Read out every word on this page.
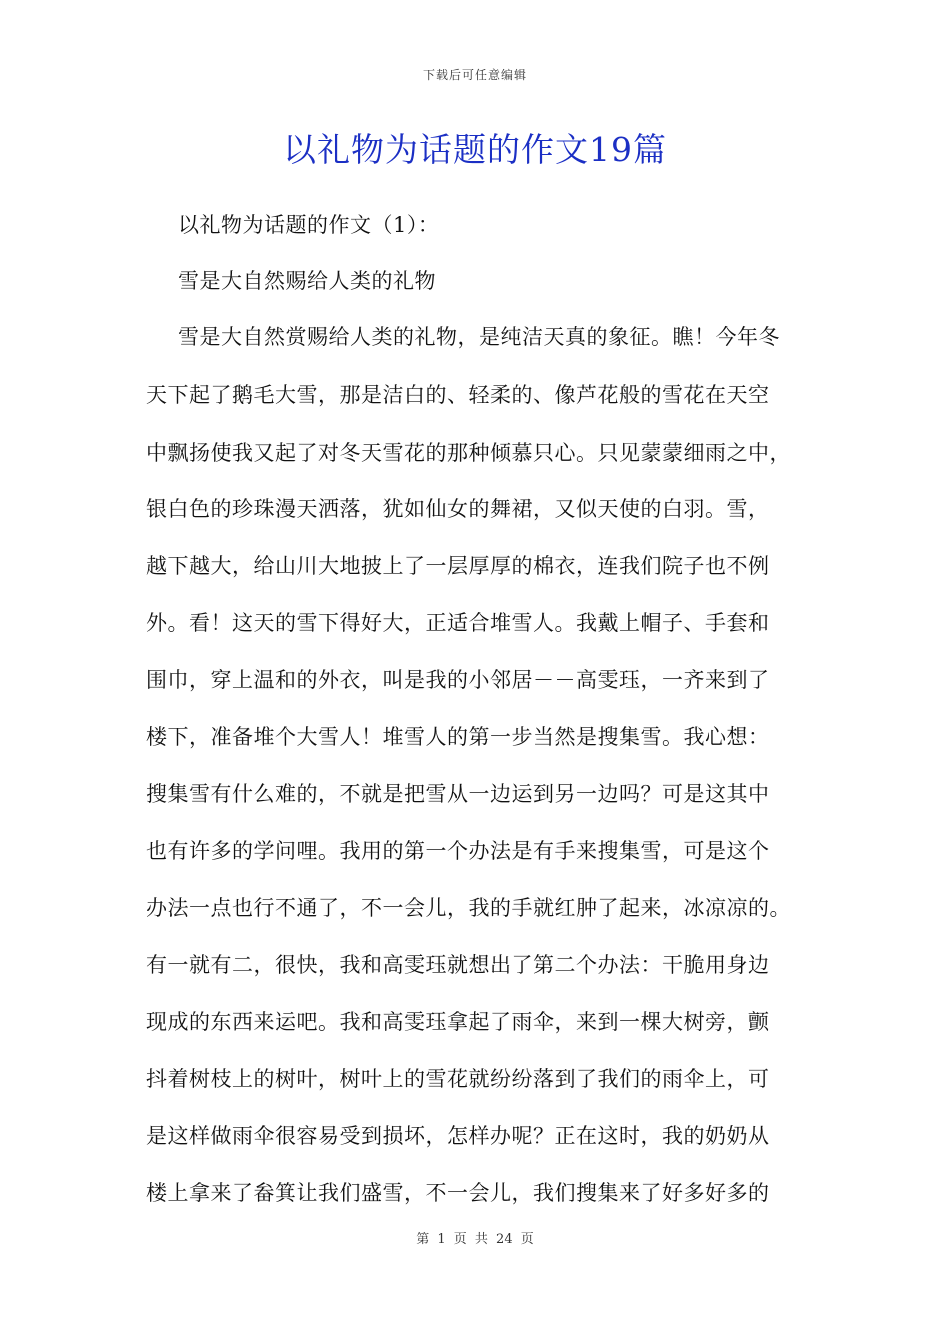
下载后可任意编辑
以礼物为话题的作文19篇
以礼物为话题的作文（1）：
雪是大自然赐给人类的礼物
雪是大自然赏赐给人类的礼物，是纯洁天真的象征。瞧！今年冬
天下起了鹅毛大雪，那是洁白的、轻柔的、像芦花般的雪花在天空
中飘扬使我又起了对冬天雪花的那种倾慕只心。只见蒙蒙细雨之中，
银白色的珍珠漫天洒落，犹如仙女的舞裙，又似天使的白羽。雪，
越下越大，给山川大地披上了一层厚厚的棉衣，连我们院子也不例
外。看！这天的雪下得好大，正适合堆雪人。我戴上帽子、手套和
围巾，穿上温和的外衣，叫是我的小邻居－－高雯珏，一齐来到了
楼下，准备堆个大雪人！堆雪人的第一步当然是搜集雪。我心想：
搜集雪有什么难的，不就是把雪从一边运到另一边吗？可是这其中
也有许多的学问哩。我用的第一个办法是有手来搜集雪，可是这个
办法一点也行不通了，不一会儿，我的手就红肿了起来，冰凉凉的。
有一就有二，很快，我和高雯珏就想出了第二个办法：干脆用身边
现成的东西来运吧。我和高雯珏拿起了雨伞，来到一棵大树旁，颤
抖着树枝上的树叶，树叶上的雪花就纷纷落到了我们的雨伞上，可
是这样做雨伞很容易受到损坏，怎样办呢？正在这时，我的奶奶从
楼上拿来了畚箕让我们盛雪，不一会儿，我们搜集来了好多好多的
第 1 页 共 24 页
